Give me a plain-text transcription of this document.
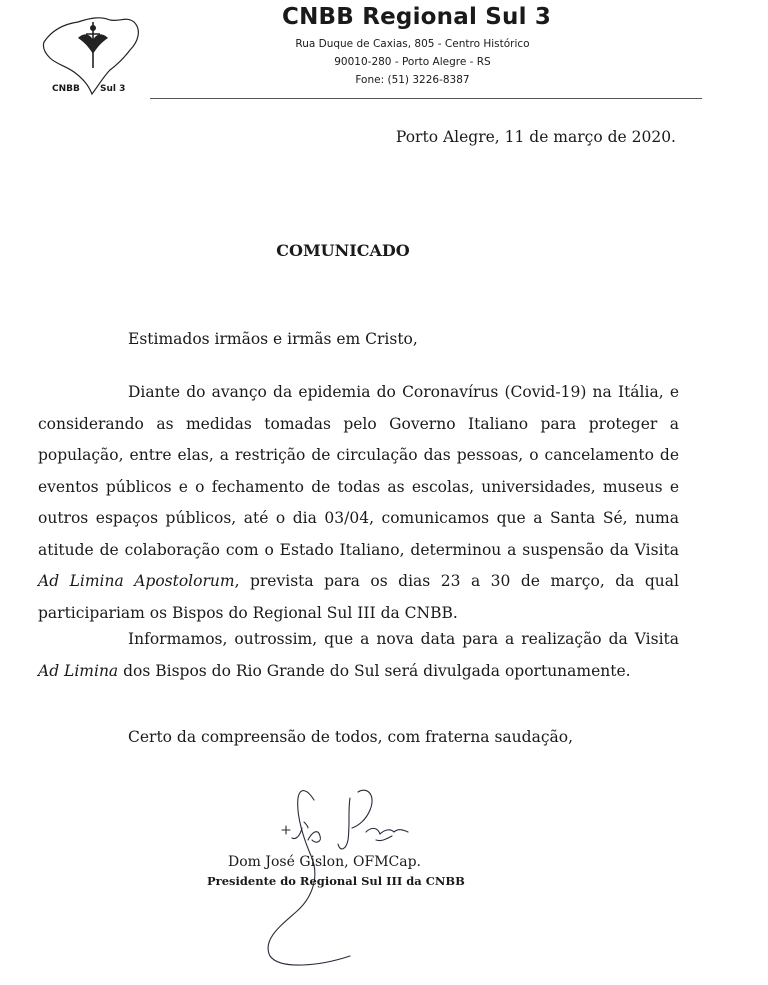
CNBB Sul 3
CNBB Regional Sul 3
Rua Duque de Caxias, 805 - Centro Histórico
90010-280 - Porto Alegre - RS
Fone: (51) 3226-8387
Porto Alegre, 11 de março de 2020.
COMUNICADO
Estimados irmãos e irmãs em Cristo,

Diante do avanço da epidemia do Coronavírus (Covid-19) na Itália, e considerando as medidas tomadas pelo Governo Italiano para proteger a população, entre elas, a restrição de circulação das pessoas, o cancelamento de eventos públicos e o fechamento de todas as escolas, universidades, museus e outros espaços públicos, até o dia 03/04, comunicamos que a Santa Sé, numa atitude de colaboração com o Estado Italiano, determinou a suspensão da Visita Ad Limina Apostolorum, prevista para os dias 23 a 30 de março, da qual participariam os Bispos do Regional Sul III da CNBB.

Informamos, outrossim, que a nova data para a realização da Visita Ad Limina dos Bispos do Rio Grande do Sul será divulgada oportunamente.

Certo da compreensão de todos, com fraterna saudação,
Dom José Gislon, OFMCap.
Presidente do Regional Sul III da CNBB
